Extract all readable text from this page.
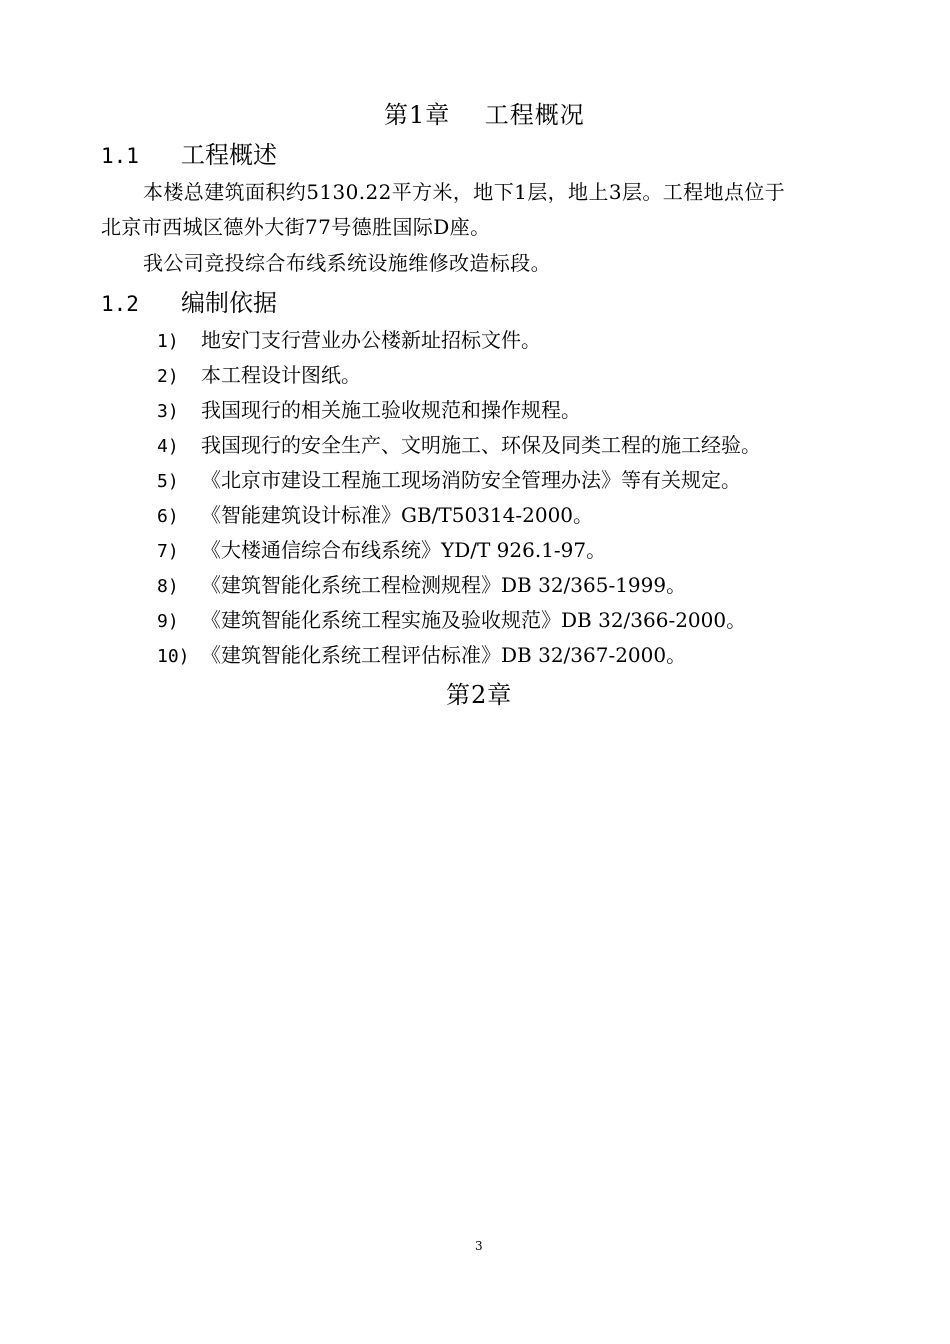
第1章 工程概况
1.1 工程概述
本楼总建筑面积约5130.22平方米，地下1层，地上3层。工程地点位于
北京市西城区德外大街77号德胜国际D座。
我公司竞投综合布线系统设施维修改造标段。
1.2 编制依据
1) 地安门支行营业办公楼新址招标文件。
2) 本工程设计图纸。
3) 我国现行的相关施工验收规范和操作规程。
4) 我国现行的安全生产、文明施工、环保及同类工程的施工经验。
5) 《北京市建设工程施工现场消防安全管理办法》等有关规定。
6) 《智能建筑设计标准》GB/T50314-2000。
7) 《大楼通信综合布线系统》YD/T 926.1-97。
8) 《建筑智能化系统工程检测规程》DB 32/365-1999。
9) 《建筑智能化系统工程实施及验收规范》DB 32/366-2000。
10) 《建筑智能化系统工程评估标准》DB 32/367-2000。
第2章
3
